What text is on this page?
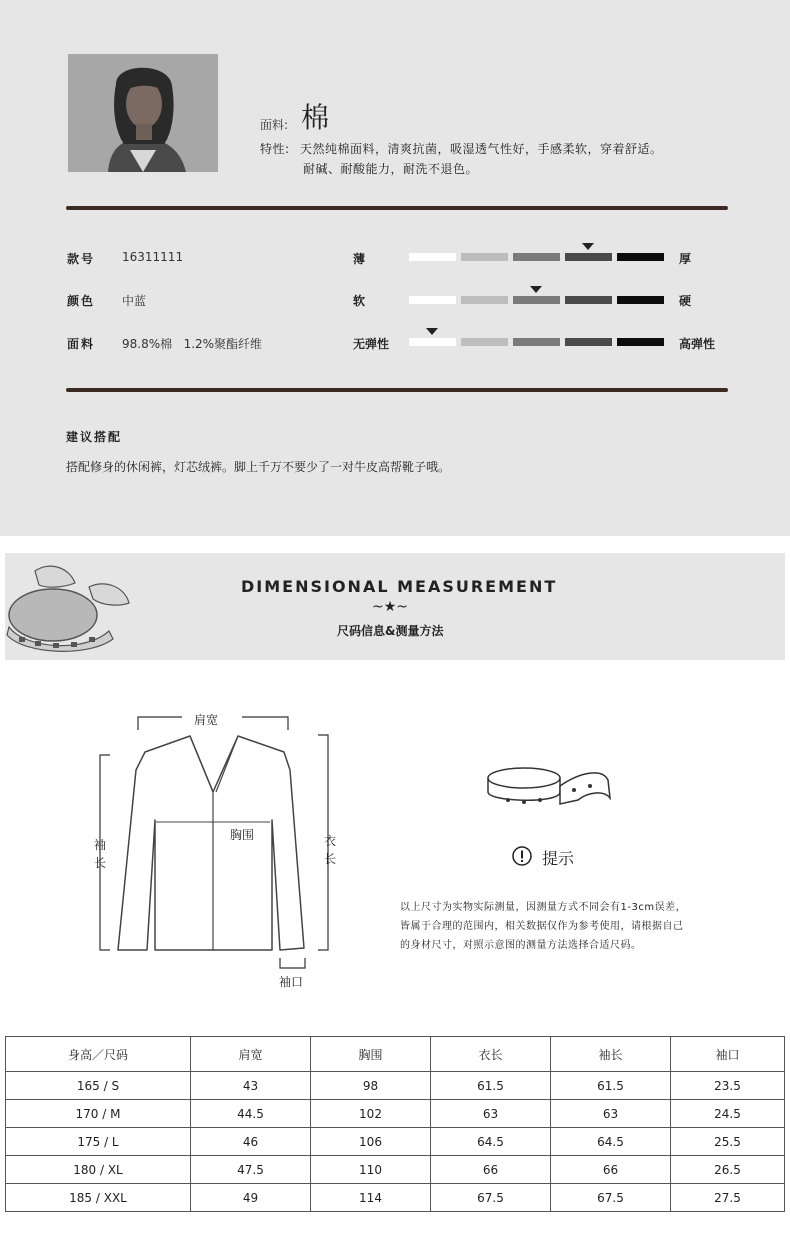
面料: 棉
特性: 天然纯棉面料，清爽抗菌，吸湿透气性好，手感柔软，穿着舒适。
耐碱、耐酸能力，耐洗不退色。
款号 16311111
颜色 中蓝
面料 98.8%棉   1.2%聚酯纤维
薄	厚
软	硬
无弹性	高弹性
建议搭配
搭配修身的休闲裤，灯芯绒裤。脚上千万不要少了一对牛皮高帮靴子哦。
DIMENSIONAL MEASUREMENT
~★~
尺码信息&测量方法
肩宽
胸围
袖
长
衣
长
袖口
提示
以上尺寸为实物实际测量，因测量方式不同会有1-3cm误差，
皆属于合理的范围内，相关数据仅作为参考使用，请根据自己
的身材尺寸，对照示意图的测量方法选择合适尺码。
身高／尺码	肩宽	胸围	衣长	袖长	袖口
165 / S	43	98	61.5	61.5	23.5
170 / M	44.5	102	63	63	24.5
175 / L	46	106	64.5	64.5	25.5
180 / XL	47.5	110	66	66	26.5
185 / XXL	49	114	67.5	67.5	27.5
